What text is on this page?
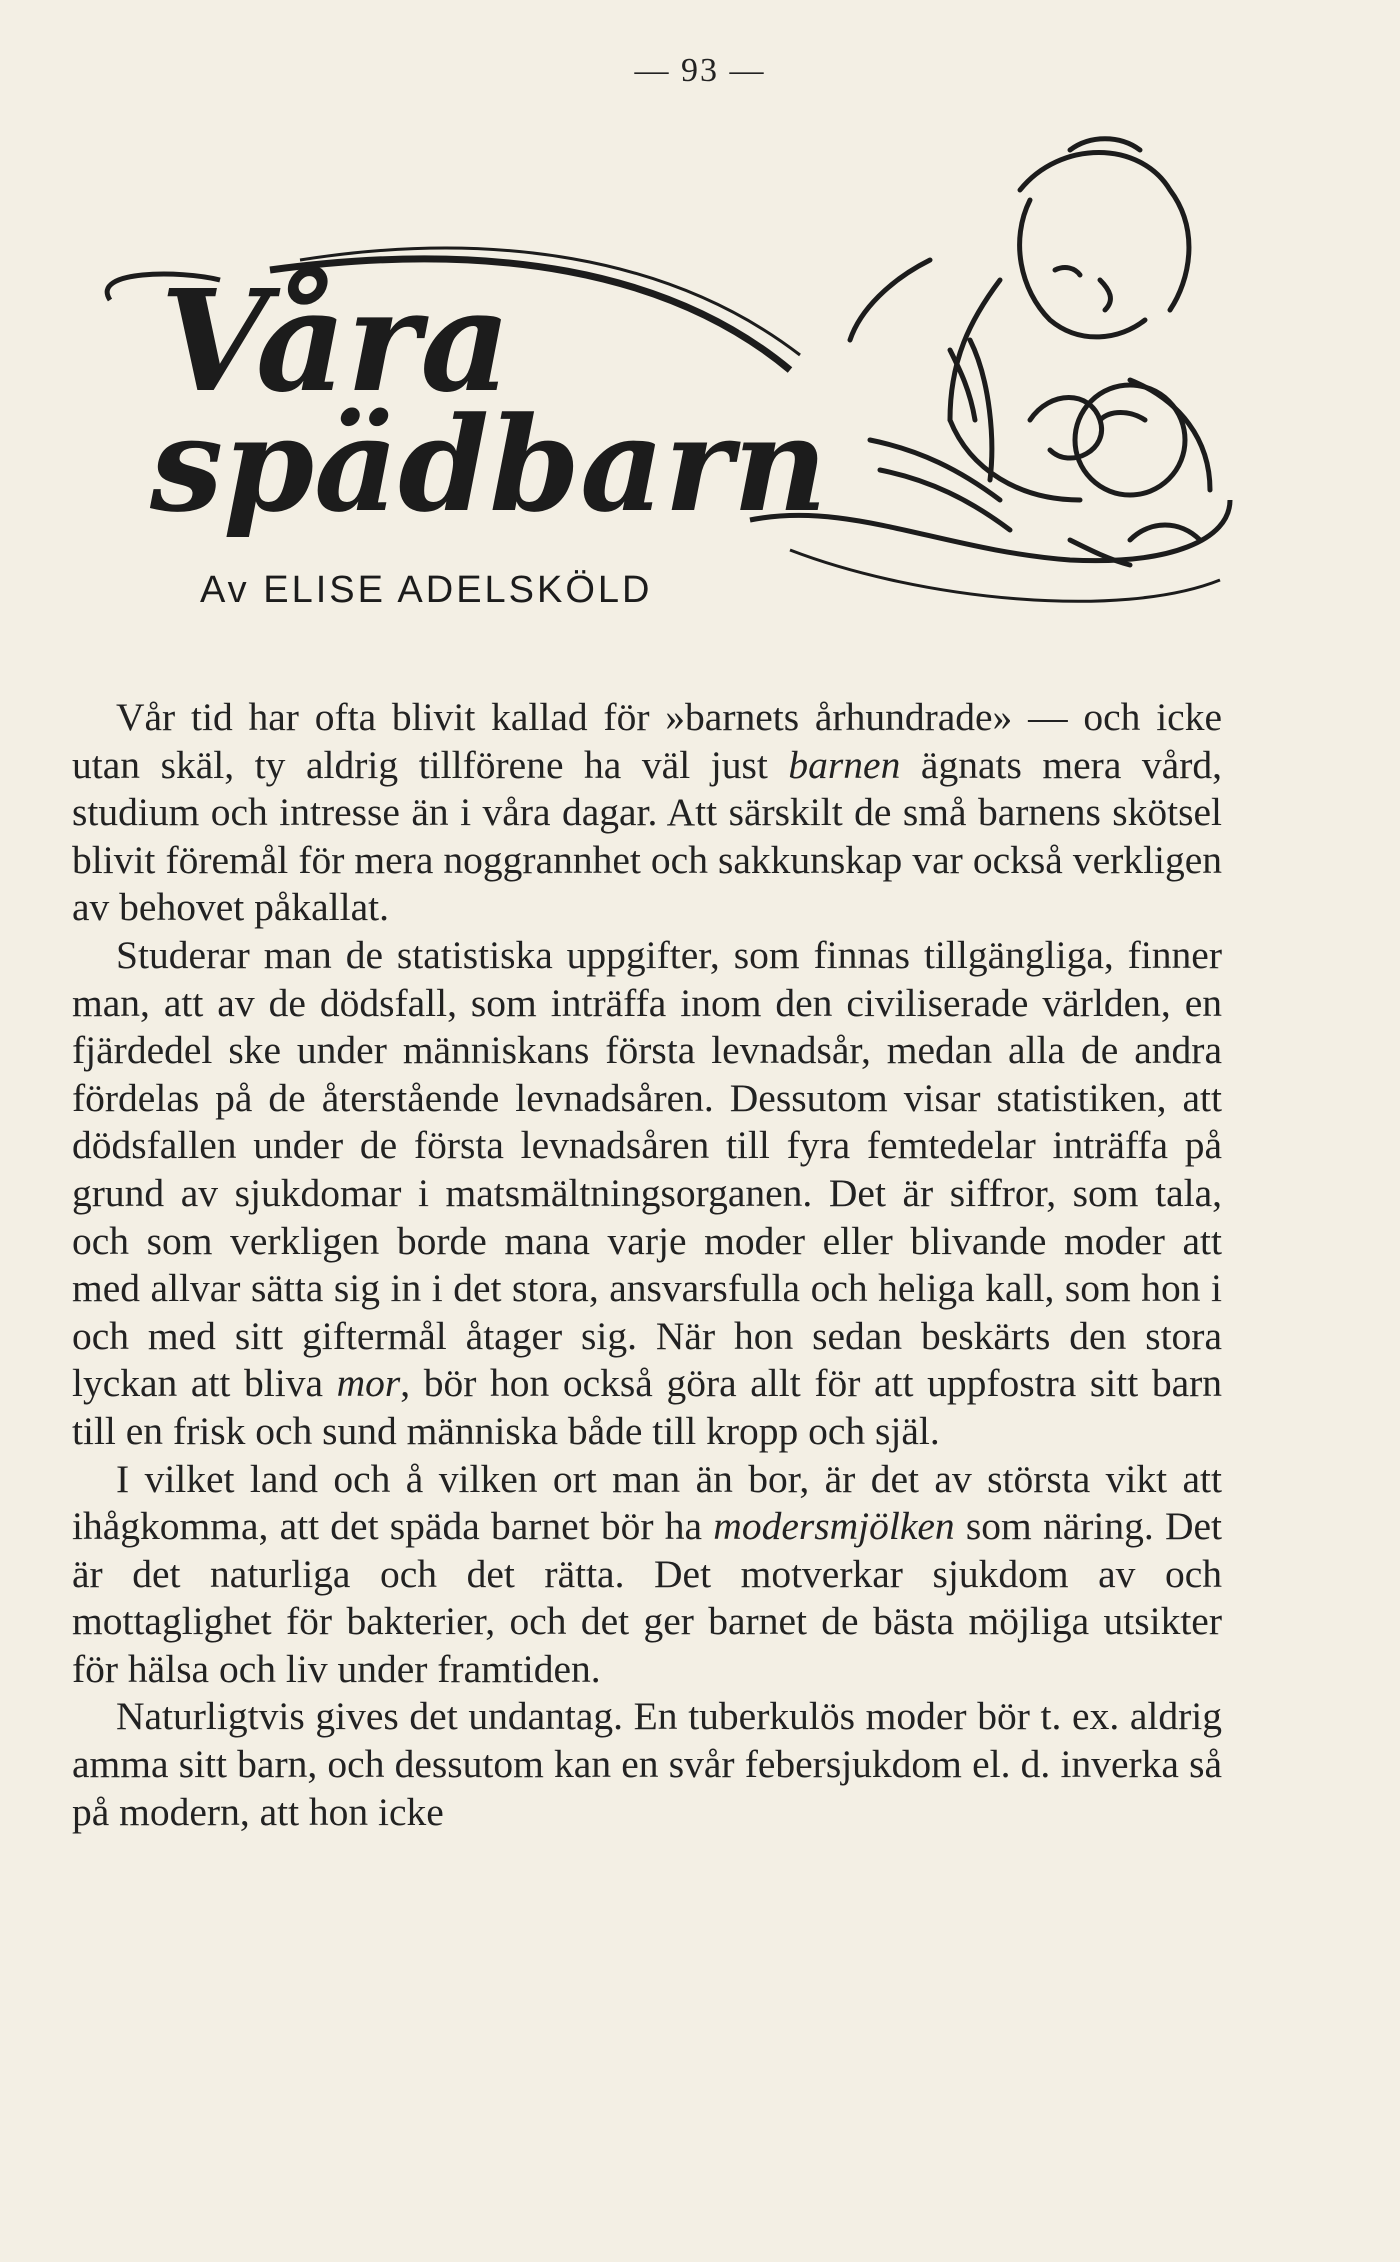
— 93 —
Våra
spädbarn
Av ELISE ADELSKÖLD

Vår tid har ofta blivit kallad för »barnets århundrade» — och icke utan skäl, ty aldrig tillförene ha väl just barnen ägnats mera vård, studium och intresse än i våra dagar. Att särskilt de små barnens skötsel blivit föremål för mera noggrannhet och sakkunskap var också verkligen av behovet påkallat.

Studerar man de statistiska uppgifter, som finnas tillgängliga, finner man, att av de dödsfall, som inträffa inom den civiliserade världen, en fjärdedel ske under människans första levnadsår, medan alla de andra fördelas på de återstående levnadsåren. Dessutom visar statistiken, att dödsfallen under de första levnadsåren till fyra femtedelar inträffa på grund av sjukdomar i matsmältningsorganen. Det är siffror, som tala, och som verkligen borde mana varje moder eller blivande moder att med allvar sätta sig in i det stora, ansvarsfulla och heliga kall, som hon i och med sitt giftermål åtager sig. När hon sedan beskärts den stora lyckan att bliva mor, bör hon också göra allt för att uppfostra sitt barn till en frisk och sund människa både till kropp och själ.

I vilket land och å vilken ort man än bor, är det av största vikt att ihågkomma, att det späda barnet bör ha modersmjölken som näring. Det är det naturliga och det rätta. Det motverkar sjukdom av och mottaglighet för bakterier, och det ger barnet de bästa möjliga utsikter för hälsa och liv under framtiden.

Naturligtvis gives det undantag. En tuberkulös moder bör t. ex. aldrig amma sitt barn, och dessutom kan en svår febersjukdom el. d. inverka så på modern, att hon icke
